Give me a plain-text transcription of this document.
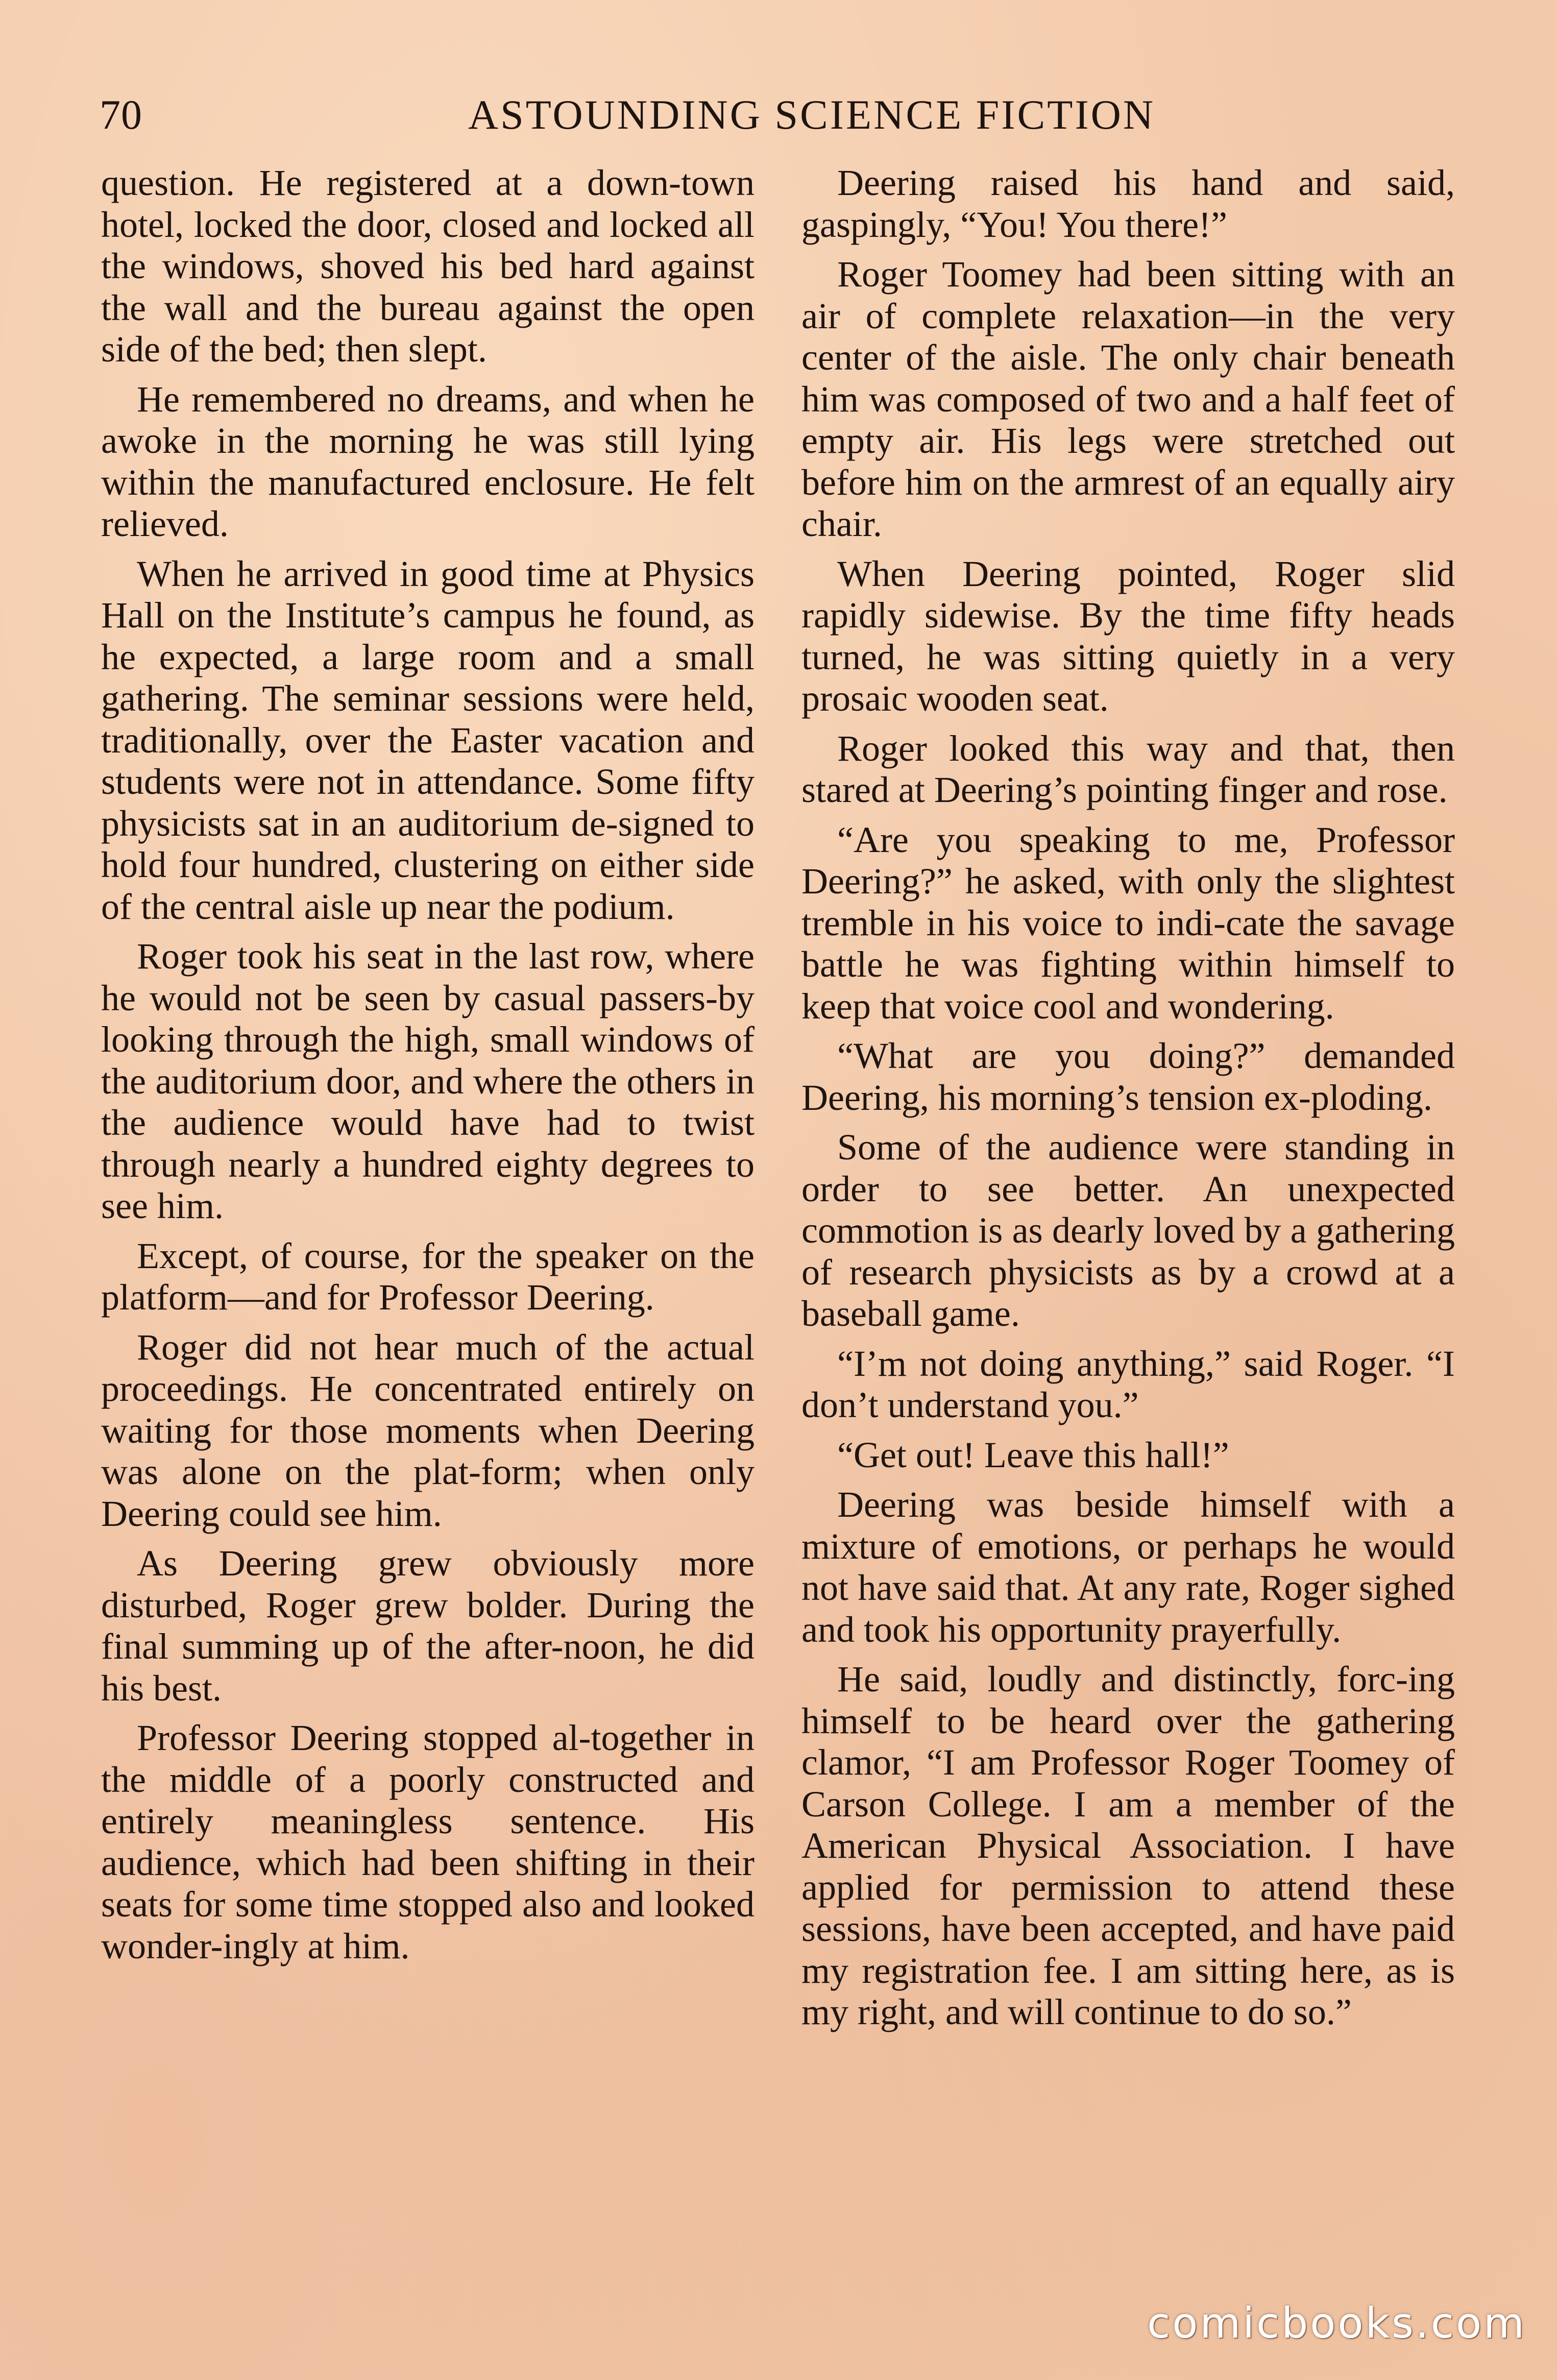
70	ASTOUNDING SCIENCE FICTION

question. He registered at a down-town hotel, locked the door, closed and locked all the windows, shoved his bed hard against the wall and the bureau against the open side of the bed; then slept.

He remembered no dreams, and when he awoke in the morning he was still lying within the manufactured enclosure. He felt relieved.

When he arrived in good time at Physics Hall on the Institute’s campus he found, as he expected, a large room and a small gathering. The seminar sessions were held, traditionally, over the Easter vacation and students were not in attendance. Some fifty physicists sat in an auditorium de-signed to hold four hundred, clustering on either side of the central aisle up near the podium.

Roger took his seat in the last row, where he would not be seen by casual passers-by looking through the high, small windows of the auditorium door, and where the others in the audience would have had to twist through nearly a hundred eighty degrees to see him.

Except, of course, for the speaker on the platform—and for Professor Deering.

Roger did not hear much of the actual proceedings. He concentrated entirely on waiting for those moments when Deering was alone on the plat-form; when only Deering could see him.

As Deering grew obviously more disturbed, Roger grew bolder. During the final summing up of the after-noon, he did his best.

Professor Deering stopped al-together in the middle of a poorly constructed and entirely meaningless sentence. His audience, which had been shifting in their seats for some time stopped also and looked wonder-ingly at him.

Deering raised his hand and said, gaspingly, “You! You there!”

Roger Toomey had been sitting with an air of complete relaxation—in the very center of the aisle. The only chair beneath him was composed of two and a half feet of empty air. His legs were stretched out before him on the armrest of an equally airy chair.

When Deering pointed, Roger slid rapidly sidewise. By the time fifty heads turned, he was sitting quietly in a very prosaic wooden seat.

Roger looked this way and that, then stared at Deering’s pointing finger and rose.

“Are you speaking to me, Professor Deering?” he asked, with only the slightest tremble in his voice to indi-cate the savage battle he was fighting within himself to keep that voice cool and wondering.

“What are you doing?” demanded Deering, his morning’s tension ex-ploding.

Some of the audience were standing in order to see better. An unexpected commotion is as dearly loved by a gathering of research physicists as by a crowd at a baseball game.

“I’m not doing anything,” said Roger. “I don’t understand you.”

“Get out! Leave this hall!”

Deering was beside himself with a mixture of emotions, or perhaps he would not have said that. At any rate, Roger sighed and took his opportunity prayerfully.

He said, loudly and distinctly, forc-ing himself to be heard over the gathering clamor, “I am Professor Roger Toomey of Carson College. I am a member of the American Physical Association. I have applied for permission to attend these sessions, have been accepted, and have paid my registration fee. I am sitting here, as is my right, and will continue to do so.”

comicbooks.com
